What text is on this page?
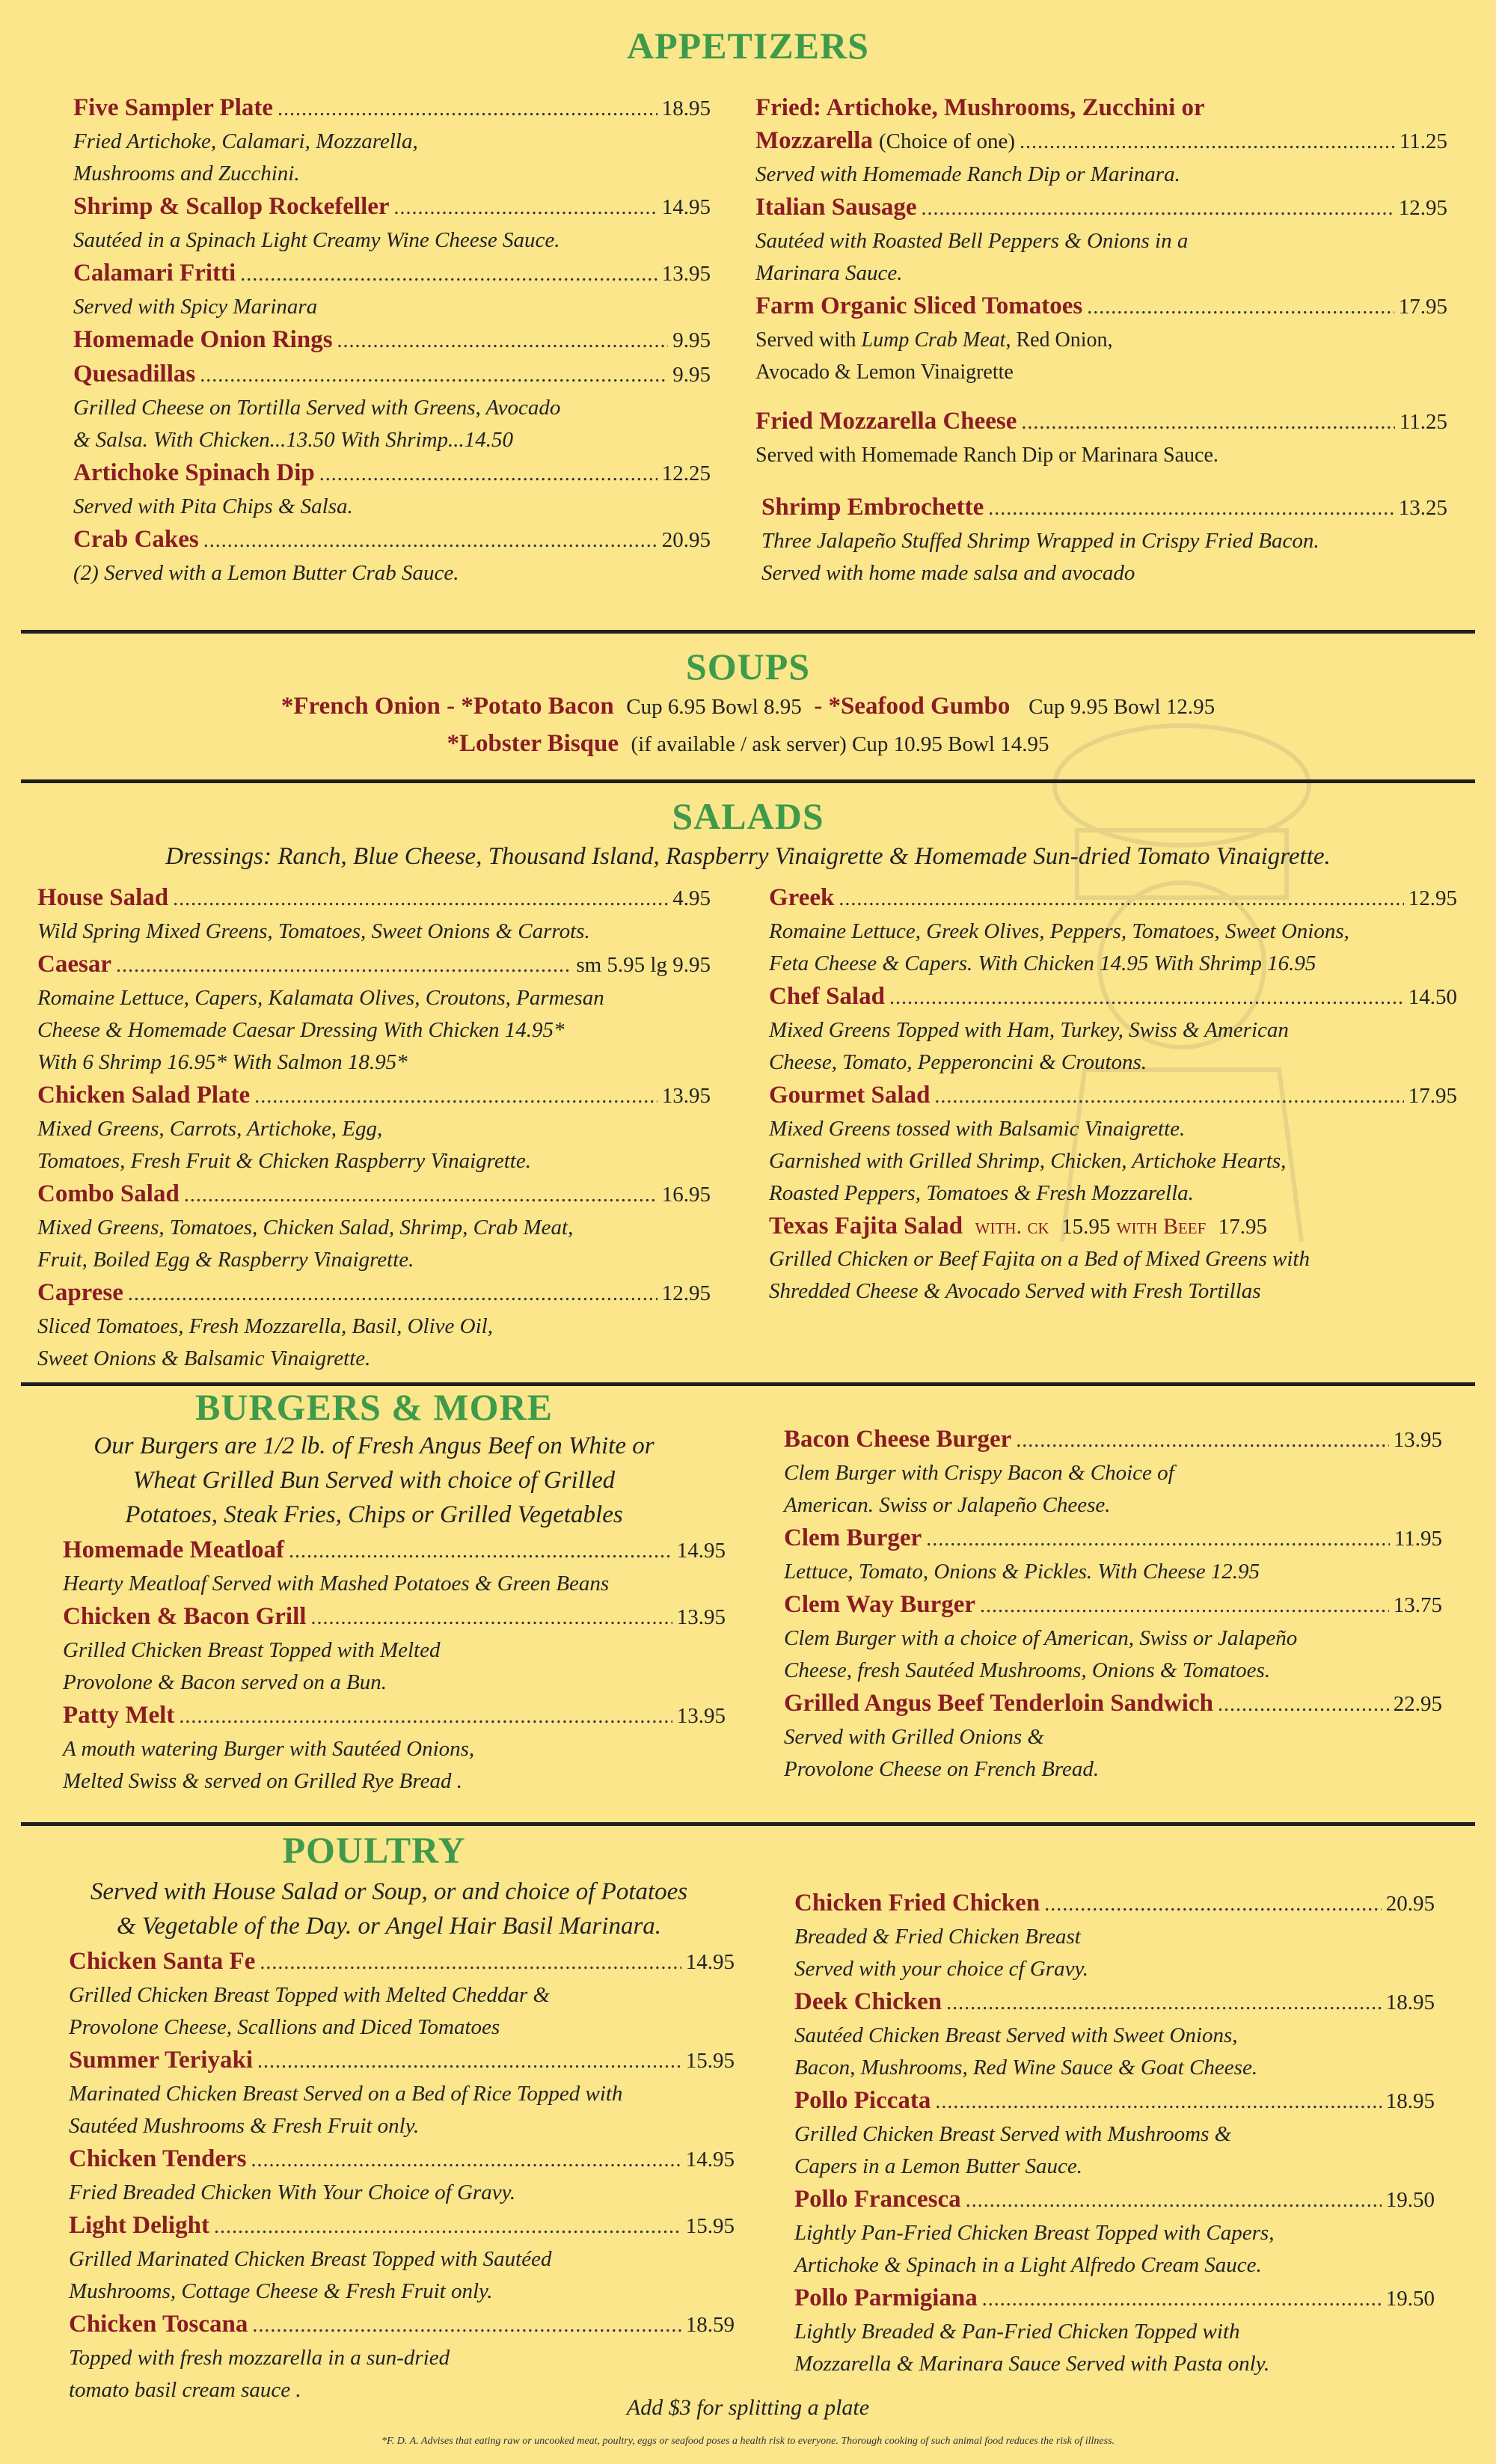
APPETIZERS
Five Sampler Plate . . .	18.95
Fried Artichoke, Calamari, Mozzarella,
Mushrooms and Zucchini.
Shrimp & Scallop Rockefeller . . .	14.95
Sautéed in a Spinach Light Creamy Wine Cheese Sauce.
Calamari Fritti . . .	13.95
Served with Spicy Marinara
Homemade Onion Rings . . .	9.95
Quesadillas . . .	9.95
Grilled Cheese on Tortilla Served with Greens, Avocado
& Salsa. With Chicken...13.50 With Shrimp...14.50
Artichoke Spinach Dip . . .	12.25
Served with Pita Chips & Salsa.
Crab Cakes . . .	20.95
(2) Served with a Lemon Butter Crab Sauce.
Fried: Artichoke, Mushrooms, Zucchini or
Mozzarella (Choice of one) . . .	11.25
Served with Homemade Ranch Dip or Marinara.
Italian Sausage . . .	12.95
Sautéed with Roasted Bell Peppers & Onions in a
Marinara Sauce.
Farm Organic Sliced Tomatoes . . .	17.95
Served with Lump Crab Meat, Red Onion,
Avocado & Lemon Vinaigrette
Fried Mozzarella Cheese . . .	11.25
Served with Homemade Ranch Dip or Marinara Sauce.
Shrimp Embrochette . . .	13.25
Three Jalapeño Stuffed Shrimp Wrapped in Crispy Fried Bacon.
Served with home made salsa and avocado
SOUPS
*French Onion - *Potato Bacon Cup 6.95 Bowl 8.95 - *Seafood Gumbo Cup 9.95 Bowl 12.95
*Lobster Bisque (if available / ask server) Cup 10.95 Bowl 14.95
SALADS
Dressings: Ranch, Blue Cheese, Thousand Island, Raspberry Vinaigrette & Homemade Sun-dried Tomato Vinaigrette.
House Salad . . .	4.95
Wild Spring Mixed Greens, Tomatoes, Sweet Onions & Carrots.
Caesar . . .	sm 5.95 lg 9.95
Romaine Lettuce, Capers, Kalamata Olives, Croutons, Parmesan
Cheese & Homemade Caesar Dressing With Chicken 14.95*
With 6 Shrimp 16.95* With Salmon 18.95*
Chicken Salad Plate . . .	13.95
Mixed Greens, Carrots, Artichoke, Egg,
Tomatoes, Fresh Fruit & Chicken Raspberry Vinaigrette.
Combo Salad . . .	16.95
Mixed Greens, Tomatoes, Chicken Salad, Shrimp, Crab Meat,
Fruit, Boiled Egg & Raspberry Vinaigrette.
Caprese . . .	12.95
Sliced Tomatoes, Fresh Mozzarella, Basil, Olive Oil,
Sweet Onions & Balsamic Vinaigrette.
Greek . . .	12.95
Romaine Lettuce, Greek Olives, Peppers, Tomatoes, Sweet Onions,
Feta Cheese & Capers. With Chicken 14.95 With Shrimp 16.95
Chef Salad . . .	14.50
Mixed Greens Topped with Ham, Turkey, Swiss & American
Cheese, Tomato, Pepperoncini & Croutons.
Gourmet Salad . . .	17.95
Mixed Greens tossed with Balsamic Vinaigrette.
Garnished with Grilled Shrimp, Chicken, Artichoke Hearts,
Roasted Peppers, Tomatoes & Fresh Mozzarella.
Texas Fajita Salad
with. ck
15.95
with Beef
17.95
Grilled Chicken or Beef Fajita on a Bed of Mixed Greens with
Shredded Cheese & Avocado Served with Fresh Tortillas
BURGERS & MORE
Our Burgers are 1/2 lb. of Fresh Angus Beef on White or
Wheat Grilled Bun Served with choice of Grilled
Potatoes, Steak Fries, Chips or Grilled Vegetables
Homemade Meatloaf . . .	14.95
Hearty Meatloaf Served with Mashed Potatoes & Green Beans
Chicken & Bacon Grill . . .	13.95
Grilled Chicken Breast Topped with Melted
Provolone & Bacon served on a Bun.
Patty Melt . . .	13.95
A mouth watering Burger with Sautéed Onions,
Melted Swiss & served on Grilled Rye Bread .
Bacon Cheese Burger . . .	13.95
Clem Burger with Crispy Bacon & Choice of
American. Swiss or Jalapeño Cheese.
Clem Burger . . .	11.95
Lettuce, Tomato, Onions & Pickles. With Cheese 12.95
Clem Way Burger . . .	13.75
Clem Burger with a choice of American, Swiss or Jalapeño
Cheese, fresh Sautéed Mushrooms, Onions & Tomatoes.
Grilled Angus Beef Tenderloin Sandwich . . .	22.95
Served with Grilled Onions &
Provolone Cheese on French Bread.
POULTRY
Served with House Salad or Soup, or and choice of Potatoes
& Vegetable of the Day. or Angel Hair Basil Marinara.
Chicken Santa Fe . . .	14.95
Grilled Chicken Breast Topped with Melted Cheddar &
Provolone Cheese, Scallions and Diced Tomatoes
Summer Teriyaki . . .	15.95
Marinated Chicken Breast Served on a Bed of Rice Topped with
Sautéed Mushrooms & Fresh Fruit only.
Chicken Tenders . . .	14.95
Fried Breaded Chicken With Your Choice of Gravy.
Light Delight . . .	15.95
Grilled Marinated Chicken Breast Topped with Sautéed
Mushrooms, Cottage Cheese & Fresh Fruit only.
Chicken Toscana . . .	18.59
Topped with fresh mozzarella in a sun-dried
tomato basil cream sauce .
Chicken Fried Chicken . . .	20.95
Breaded & Fried Chicken Breast
Served with your choice cf Gravy.
Deek Chicken . . .	18.95
Sautéed Chicken Breast Served with Sweet Onions,
Bacon, Mushrooms, Red Wine Sauce & Goat Cheese.
Pollo Piccata . . .	18.95
Grilled Chicken Breast Served with Mushrooms &
Capers in a Lemon Butter Sauce.
Pollo Francesca . . .	19.50
Lightly Pan-Fried Chicken Breast Topped with Capers,
Artichoke & Spinach in a Light Alfredo Cream Sauce.
Pollo Parmigiana . . .	19.50
Lightly Breaded & Pan-Fried Chicken Topped with
Mozzarella & Marinara Sauce Served with Pasta only.
Add $3 for splitting a plate
*F. D. A. Advises that eating raw or uncooked meat, poultry, eggs or seafood poses a health risk to everyone. Thorough cooking of such animal food reduces the risk of illness.
